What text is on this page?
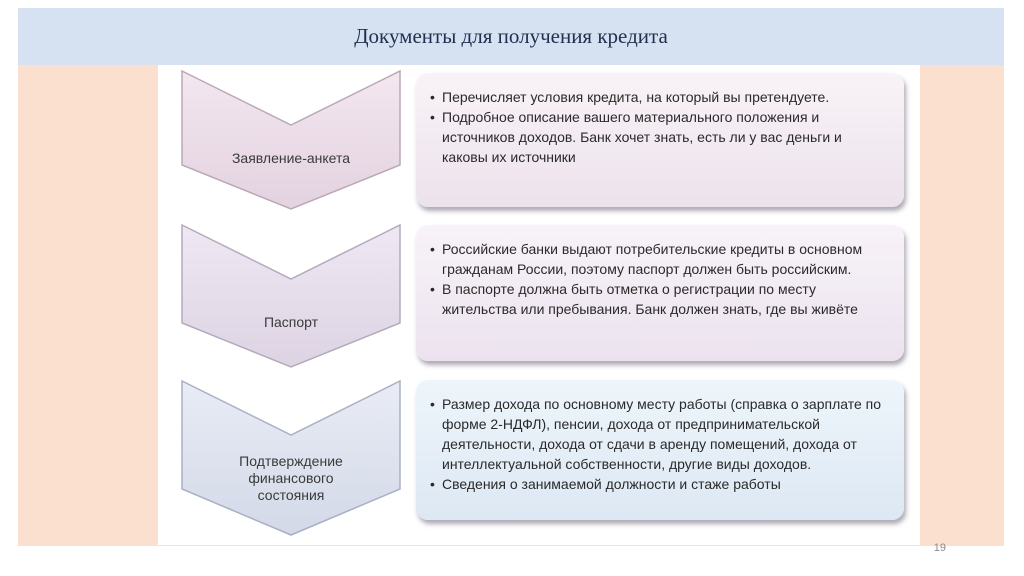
Документы для получения кредита
Заявление-анкета
• Перечисляет условия кредита, на который вы претендуете.
• Подробное описание вашего материального положения и источников доходов. Банк хочет знать, есть ли у вас деньги и каковы их источники
Паспорт
• Российские банки выдают потребительские кредиты в основном гражданам России, поэтому паспорт должен быть российским.
• В паспорте должна быть отметка о регистрации по месту жительства или пребывания. Банк должен знать, где вы живёте
Подтверждение
финансового
состояния
• Размер дохода по основному месту работы (справка о зарплате по форме 2-НДФЛ), пенсии, дохода от предпринимательской деятельности, дохода от сдачи в аренду помещений, дохода от интеллектуальной собственности, другие виды доходов.
• Сведения о занимаемой должности и стаже работы
19
